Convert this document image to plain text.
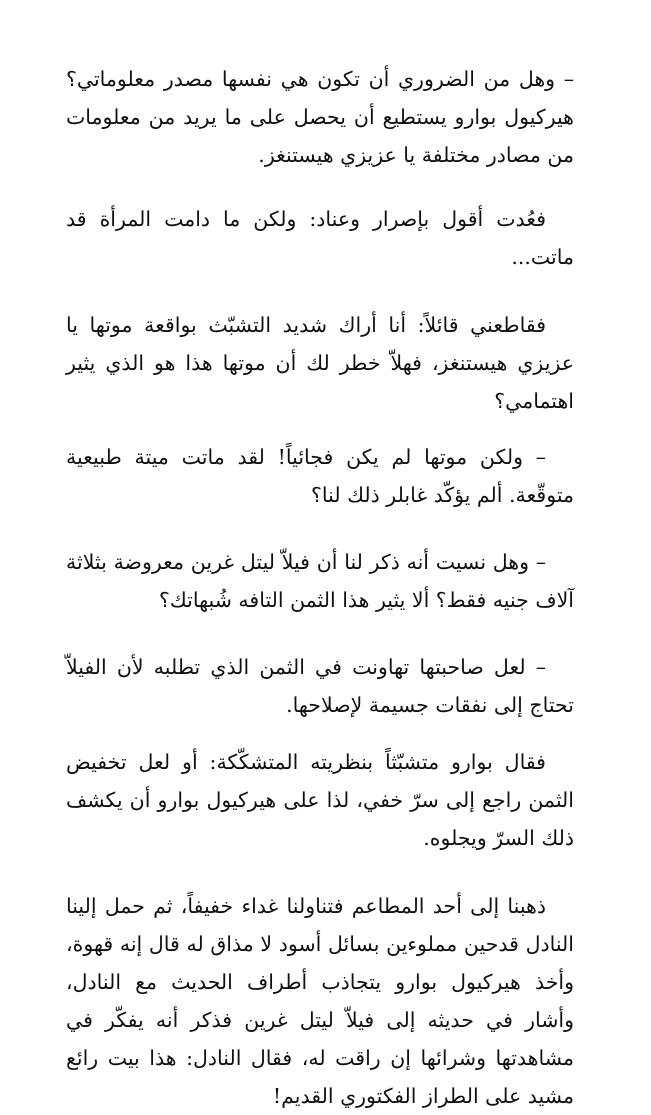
– وهل من الضروري أن تكون هي نفسها مصدر معلوماتي؟ هيركيول بوارو يستطيع أن يحصل على ما يريد من معلومات من مصادر مختلفة يا عزيزي هيستنغز.

فعُدت أقول بإصرار وعناد: ولكن ما دامت المرأة قد ماتت...

فقاطعني قائلاً: أنا أراك شديد التشبّث بواقعة موتها يا عزيزي هيستنغز، فهلاّ خطر لك أن موتها هذا هو الذي يثير اهتمامي؟

– ولكن موتها لم يكن فجائياً! لقد ماتت ميتة طبيعية متوقّعة. ألم يؤكّد غابلر ذلك لنا؟

– وهل نسيت أنه ذكر لنا أن فيلاّ ليتل غرين معروضة بثلاثة آلاف جنيه فقط؟ ألا يثير هذا الثمن التافه شُبهاتك؟

– لعل صاحبتها تهاونت في الثمن الذي تطلبه لأن الفيلاّ تحتاج إلى نفقات جسيمة لإصلاحها.

فقال بوارو متشبّثاً بنظريته المتشكّكة: أو لعل تخفيض الثمن راجع إلى سرّ خفي، لذا على هيركيول بوارو أن يكشف ذلك السرّ ويجلوه.

ذهبنا إلى أحد المطاعم فتناولنا غداء خفيفاً، ثم حمل إلينا النادل قدحين مملوءين بسائل أسود لا مذاق له قال إنه قهوة، وأخذ هيركيول بوارو يتجاذب أطراف الحديث مع النادل، وأشار في حديثه إلى فيلاّ ليتل غرين فذكر أنه يفكّر في مشاهدتها وشرائها إن راقت له، فقال النادل: هذا بيت رائع مشيد على الطراز الفكتوري القديم!
